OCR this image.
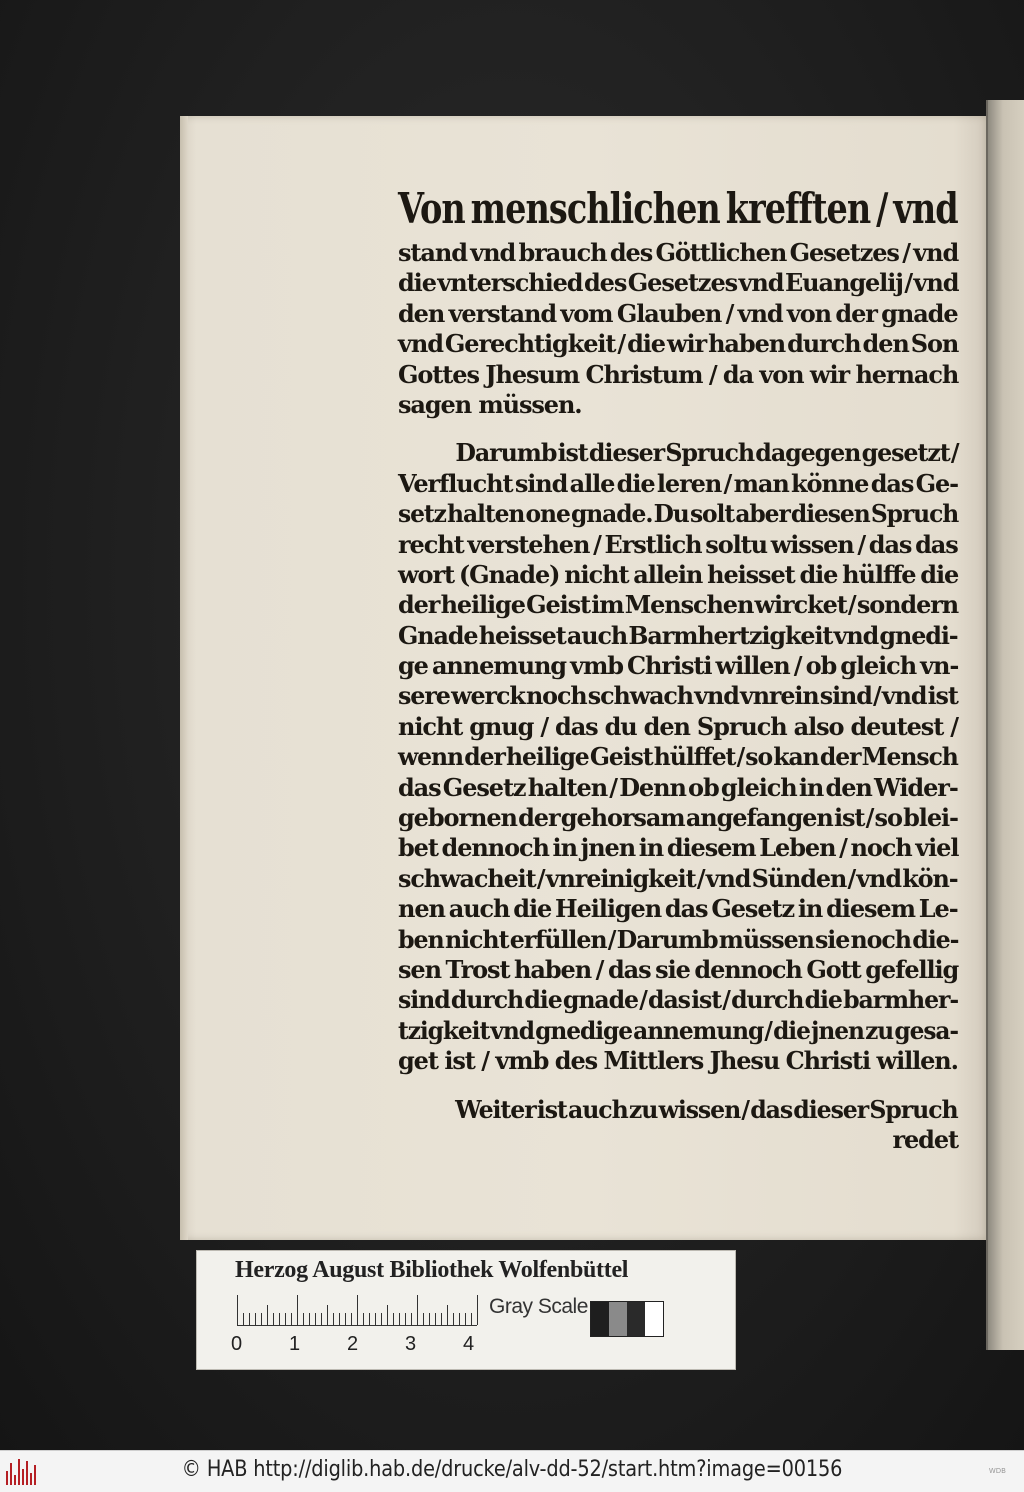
Von menschlichen krefften / vnd
stand vnd brauch des Göttlichen Gesetzes / vnd
die vnterschied des Gesetzes vnd Euangelij / vnd
den verstand vom Glauben / vnd von der gnade
vnd Gerechtigkeit / die wir haben durch den Son
Gottes Jhesum Christum / da von wir hernach
sagen müssen.
Darumb ist dieser Spruch dagegen gesetzt /
Verflucht sind alle die leren / man könne das Ge-
setz halten one gnade. Du solt aber diesen Spruch
recht verstehen / Erstlich soltu wissen / das das
wort (Gnade) nicht allein heisset die hülffe die
der heilige Geist im Menschen wircket / sondern
Gnade heisset auch Barmhertzigkeit vnd gnedi-
ge annemung vmb Christi willen / ob gleich vn-
sere werck noch schwach vnd vnrein sind / vnd ist
nicht gnug / das du den Spruch also deutest /
wenn der heilige Geist hülffet / so kan der Mensch
das Gesetz halten / Denn ob gleich in den Wider-
gebornen der gehorsam angefangen ist / so blei-
bet dennoch in jnen in diesem Leben / noch viel
schwacheit / vnreinigkeit / vnd Sünden / vnd kön-
nen auch die Heiligen das Gesetz in diesem Le-
ben nicht erfüllen / Darumb müssen sie noch die-
sen Trost haben / das sie dennoch Gott gefellig
sind durch die gnade / das ist / durch die barmher-
tzigkeit vnd gnedige annemung / die jnen zu gesa-
get ist / vmb des Mittlers Jhesu Christi willen.
Weiter ist auch zu wissen / das dieser Spruch
redet
Herzog August Bibliothek Wolfenbüttel
0 1 2 3 4
Gray Scale
© HAB http://diglib.hab.de/drucke/alv-dd-52/start.htm?image=00156	WDB
